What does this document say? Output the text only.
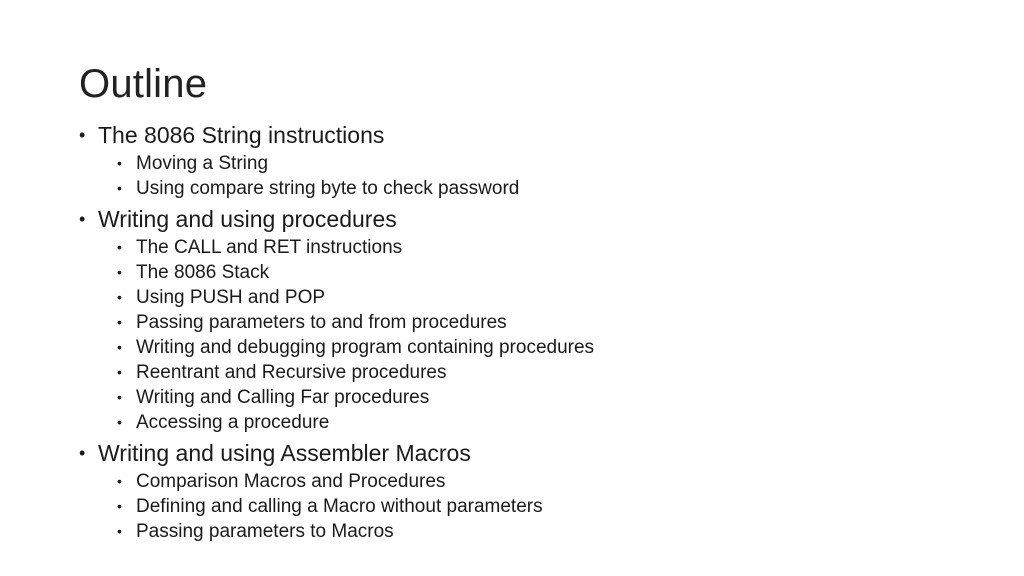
Outline
• The 8086 String instructions
• Moving a String
• Using compare string byte to check password
• Writing and using procedures
• The CALL and RET instructions
• The 8086 Stack
• Using PUSH and POP
• Passing parameters to and from procedures
• Writing and debugging program containing procedures
• Reentrant and Recursive procedures
• Writing and Calling Far procedures
• Accessing a procedure
• Writing and using Assembler Macros
• Comparison Macros and Procedures
• Defining and calling a Macro without parameters
• Passing parameters to Macros
